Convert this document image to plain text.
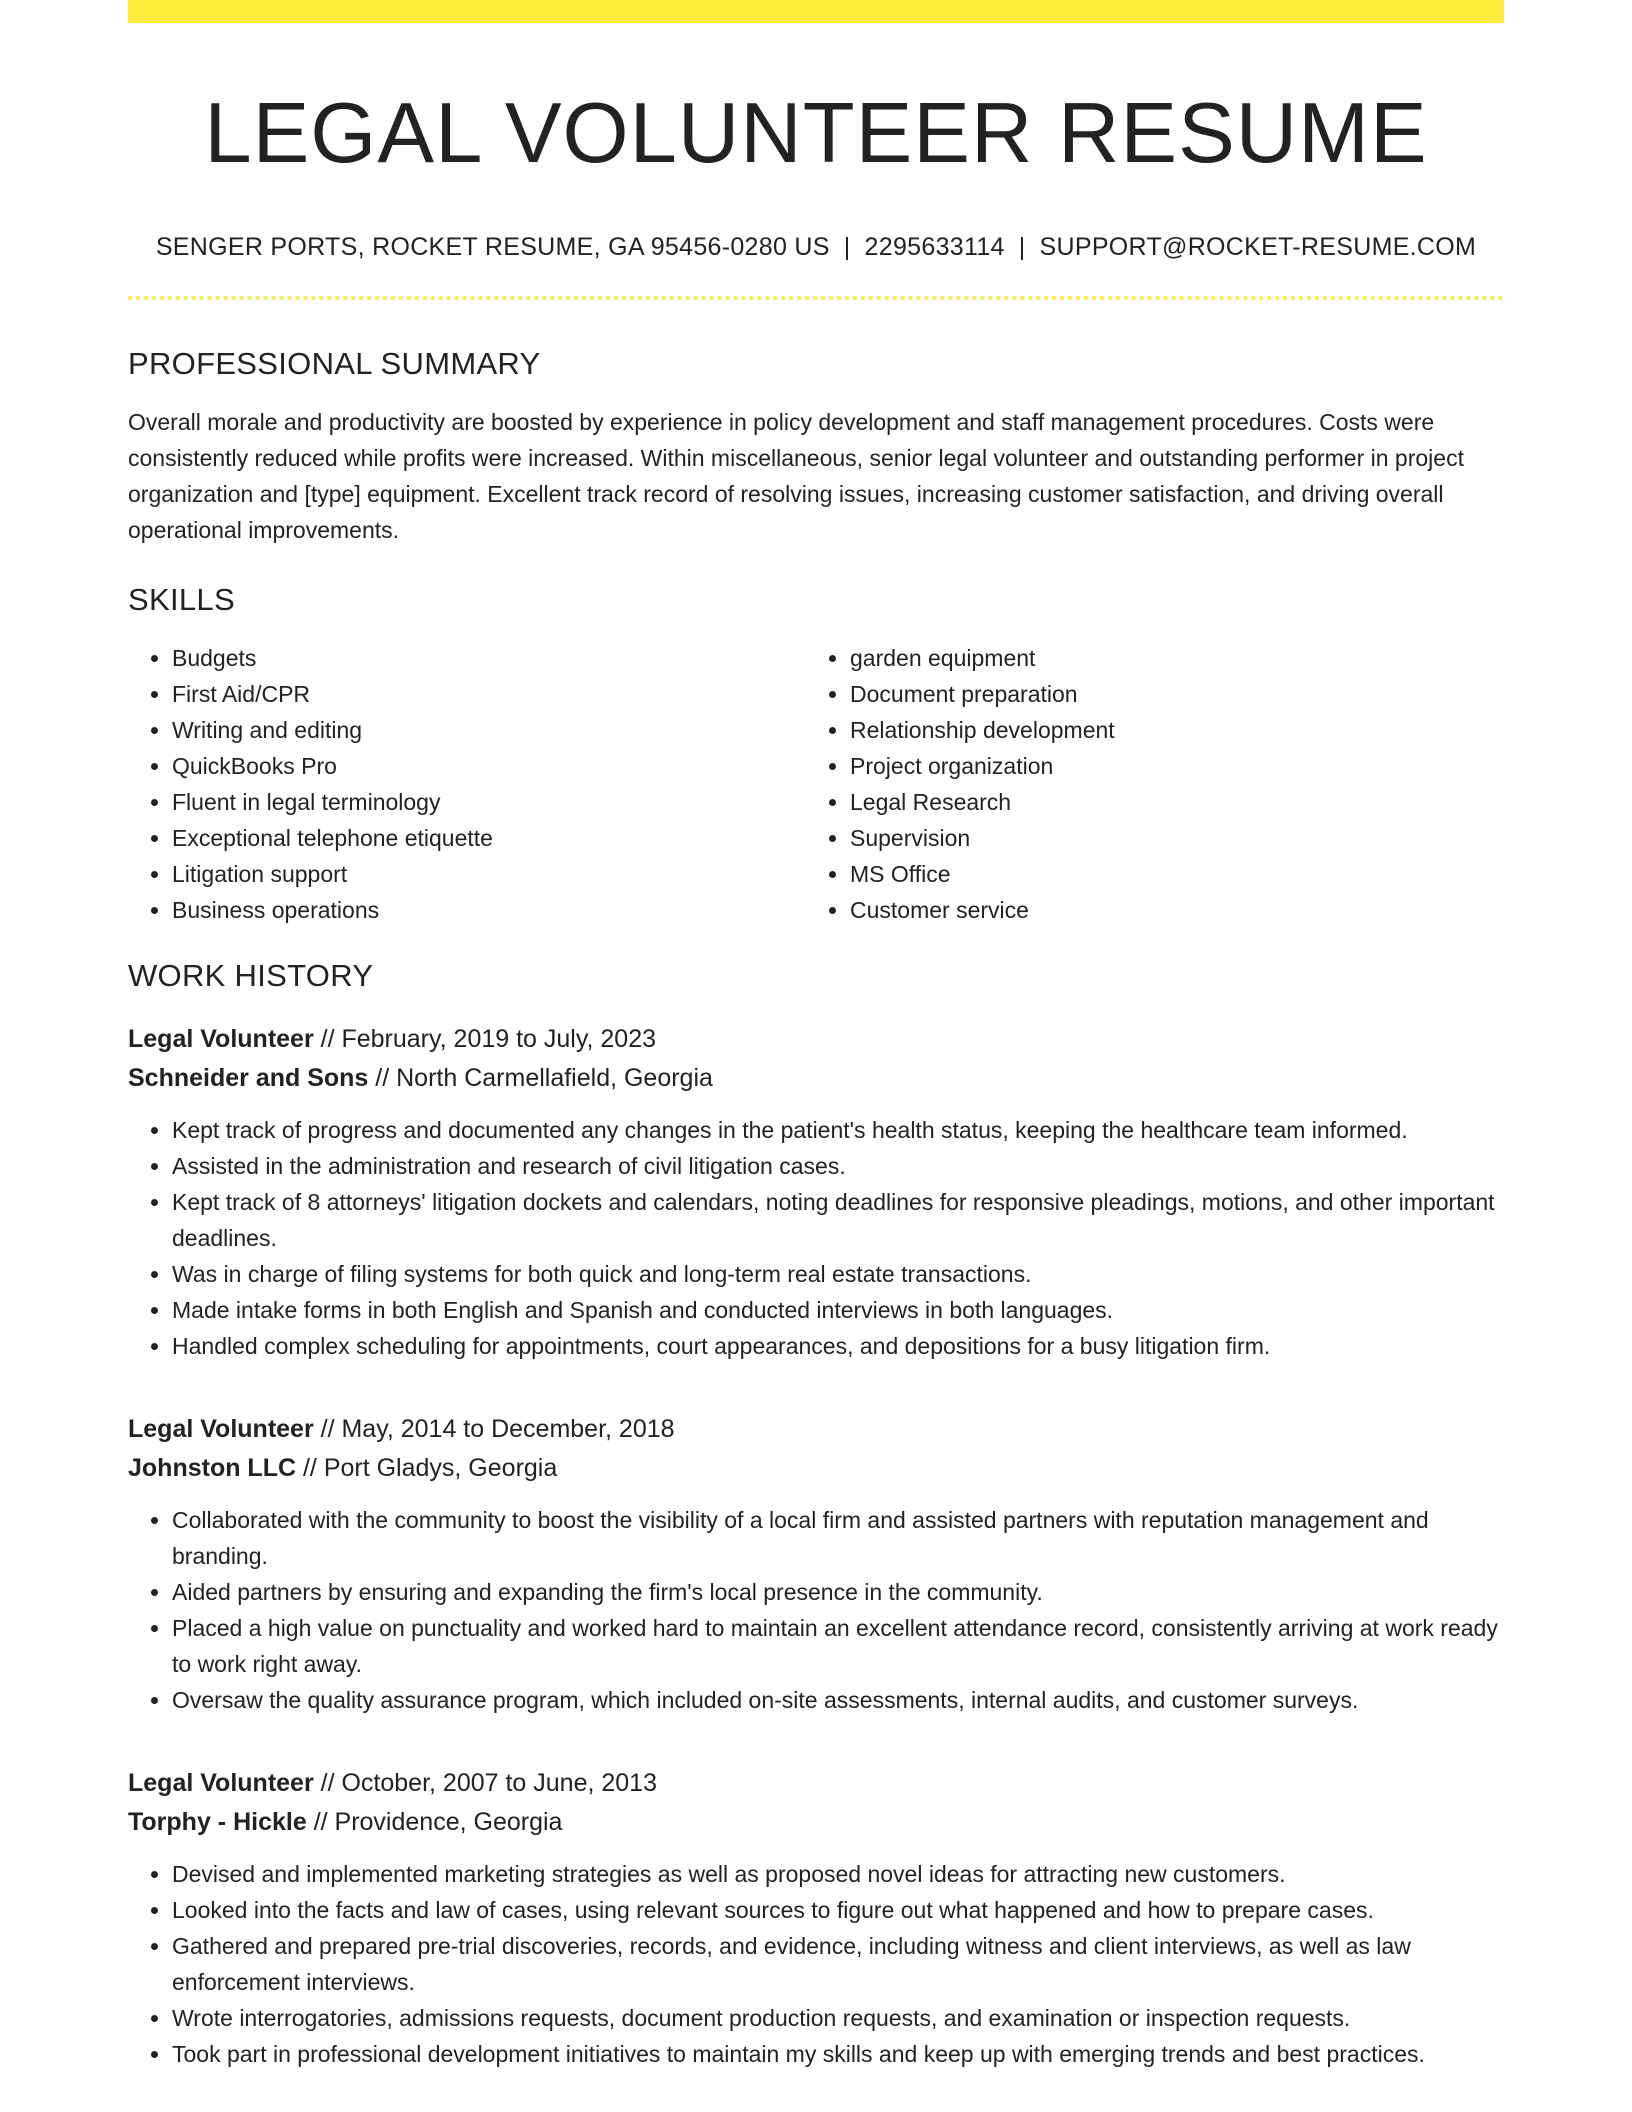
LEGAL VOLUNTEER RESUME
SENGER PORTS, ROCKET RESUME, GA 95456-0280 US | 2295633114 | SUPPORT@ROCKET-RESUME.COM
PROFESSIONAL SUMMARY
Overall morale and productivity are boosted by experience in policy development and staff management procedures. Costs were consistently reduced while profits were increased. Within miscellaneous, senior legal volunteer and outstanding performer in project organization and [type] equipment. Excellent track record of resolving issues, increasing customer satisfaction, and driving overall operational improvements.
SKILLS
• Budgets
• First Aid/CPR
• Writing and editing
• QuickBooks Pro
• Fluent in legal terminology
• Exceptional telephone etiquette
• Litigation support
• Business operations
• garden equipment
• Document preparation
• Relationship development
• Project organization
• Legal Research
• Supervision
• MS Office
• Customer service
WORK HISTORY
Legal Volunteer // February, 2019 to July, 2023
Schneider and Sons // North Carmellafield, Georgia
• Kept track of progress and documented any changes in the patient's health status, keeping the healthcare team informed.
• Assisted in the administration and research of civil litigation cases.
• Kept track of 8 attorneys' litigation dockets and calendars, noting deadlines for responsive pleadings, motions, and other important deadlines.
• Was in charge of filing systems for both quick and long-term real estate transactions.
• Made intake forms in both English and Spanish and conducted interviews in both languages.
• Handled complex scheduling for appointments, court appearances, and depositions for a busy litigation firm.
Legal Volunteer // May, 2014 to December, 2018
Johnston LLC // Port Gladys, Georgia
• Collaborated with the community to boost the visibility of a local firm and assisted partners with reputation management and branding.
• Aided partners by ensuring and expanding the firm's local presence in the community.
• Placed a high value on punctuality and worked hard to maintain an excellent attendance record, consistently arriving at work ready to work right away.
• Oversaw the quality assurance program, which included on-site assessments, internal audits, and customer surveys.
Legal Volunteer // October, 2007 to June, 2013
Torphy - Hickle // Providence, Georgia
• Devised and implemented marketing strategies as well as proposed novel ideas for attracting new customers.
• Looked into the facts and law of cases, using relevant sources to figure out what happened and how to prepare cases.
• Gathered and prepared pre-trial discoveries, records, and evidence, including witness and client interviews, as well as law enforcement interviews.
• Wrote interrogatories, admissions requests, document production requests, and examination or inspection requests.
• Took part in professional development initiatives to maintain my skills and keep up with emerging trends and best practices.
